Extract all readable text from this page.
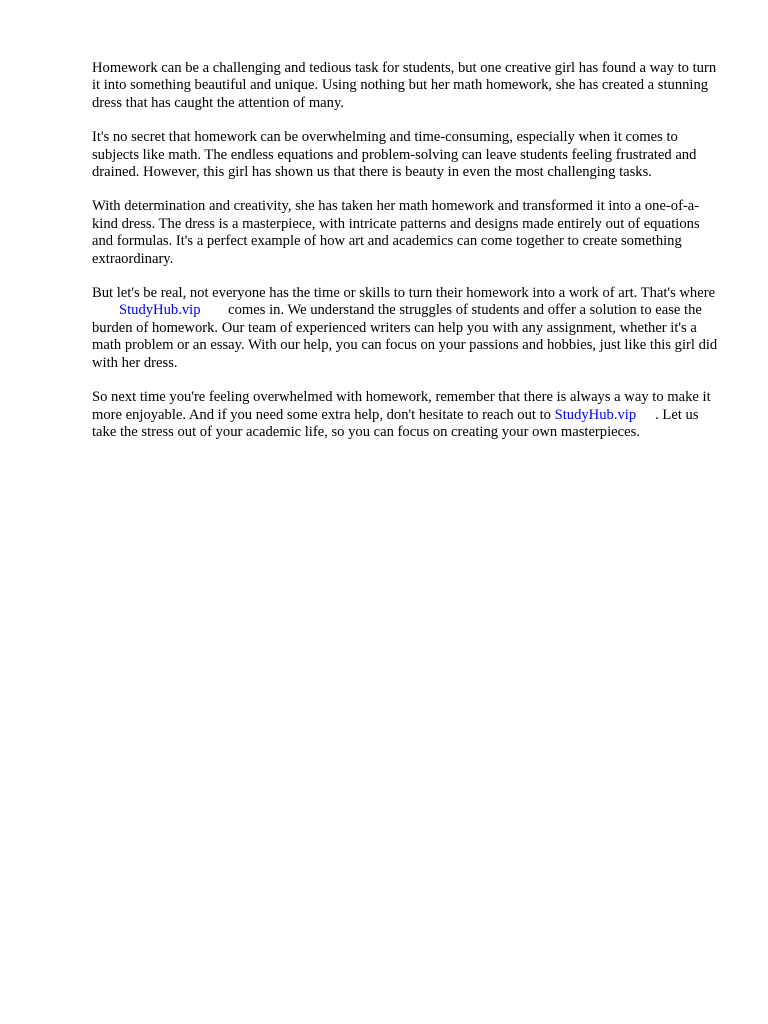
Homework can be a challenging and tedious task for students, but one creative girl has found a way to turn it into something beautiful and unique. Using nothing but her math homework, she has created a stunning dress that has caught the attention of many.

It's no secret that homework can be overwhelming and time-consuming, especially when it comes to subjects like math. The endless equations and problem-solving can leave students feeling frustrated and drained. However, this girl has shown us that there is beauty in even the most challenging tasks.

With determination and creativity, she has taken her math homework and transformed it into a one-of-a-kind dress. The dress is a masterpiece, with intricate patterns and designs made entirely out of equations and formulas. It's a perfect example of how art and academics can come together to create something extraordinary.

But let's be real, not everyone has the time or skills to turn their homework into a work of art. That's where StudyHub.vip comes in. We understand the struggles of students and offer a solution to ease the burden of homework. Our team of experienced writers can help you with any assignment, whether it's a math problem or an essay. With our help, you can focus on your passions and hobbies, just like this girl did with her dress.

So next time you're feeling overwhelmed with homework, remember that there is always a way to make it more enjoyable. And if you need some extra help, don't hesitate to reach out to StudyHub.vip . Let us take the stress out of your academic life, so you can focus on creating your own masterpieces.
